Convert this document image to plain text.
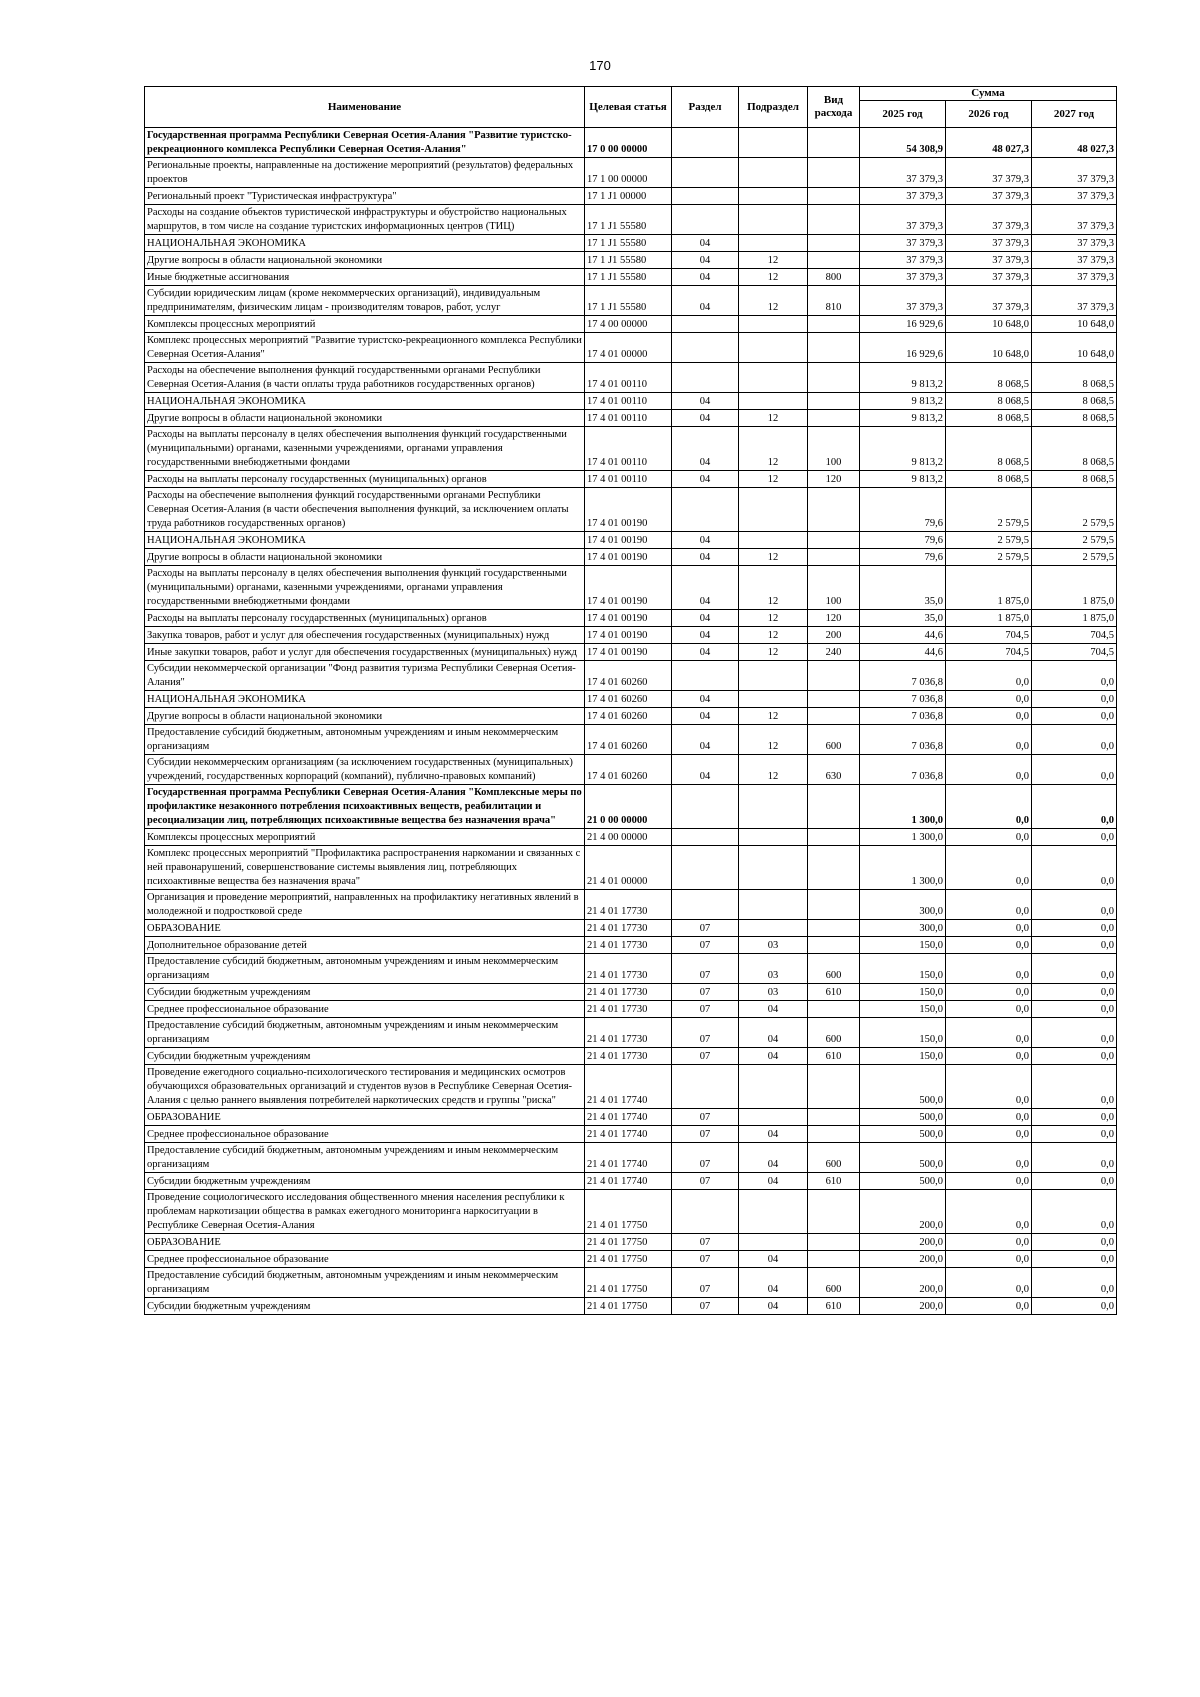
170
Наименование	Целевая статья	Раздел	Подраздел	Вид расхода	Сумма		
					2025 год	2026 год	2027 год
Государственная программа Республики Северная Осетия-Алания "Развитие туристско-рекреационного комплекса Республики Северная Осетия-Алания"	17 0 00 00000				54 308,9	48 027,3	48 027,3
Региональные проекты, направленные на достижение мероприятий (результатов) федеральных проектов	17 1 00 00000				37 379,3	37 379,3	37 379,3
Региональный проект "Туристическая инфраструктура"	17 1 J1 00000				37 379,3	37 379,3	37 379,3
Расходы на создание объектов туристической инфраструктуры и обустройство национальных маршрутов, в том числе на создание туристских информационных центров (ТИЦ)	17 1 J1 55580				37 379,3	37 379,3	37 379,3
НАЦИОНАЛЬНАЯ ЭКОНОМИКА	17 1 J1 55580	04			37 379,3	37 379,3	37 379,3
Другие вопросы в области национальной экономики	17 1 J1 55580	04	12		37 379,3	37 379,3	37 379,3
Иные бюджетные ассигнования	17 1 J1 55580	04	12	800	37 379,3	37 379,3	37 379,3
Субсидии юридическим лицам (кроме некоммерческих организаций), индивидуальным предпринимателям, физическим лицам - производителям товаров, работ, услуг	17 1 J1 55580	04	12	810	37 379,3	37 379,3	37 379,3
Комплексы процессных мероприятий	17 4 00 00000				16 929,6	10 648,0	10 648,0
Комплекс процессных мероприятий "Развитие туристско-рекреационного комплекса Республики Северная Осетия-Алания"	17 4 01 00000				16 929,6	10 648,0	10 648,0
Расходы на обеспечение выполнения функций государственными органами Республики Северная Осетия-Алания (в части оплаты труда работников государственных органов)	17 4 01 00110				9 813,2	8 068,5	8 068,5
НАЦИОНАЛЬНАЯ ЭКОНОМИКА	17 4 01 00110	04			9 813,2	8 068,5	8 068,5
Другие вопросы в области национальной экономики	17 4 01 00110	04	12		9 813,2	8 068,5	8 068,5
Расходы на выплаты персоналу в целях обеспечения выполнения функций государственными (муниципальными) органами, казенными учреждениями, органами управления государственными внебюджетными фондами	17 4 01 00110	04	12	100	9 813,2	8 068,5	8 068,5
Расходы на выплаты персоналу государственных (муниципальных) органов	17 4 01 00110	04	12	120	9 813,2	8 068,5	8 068,5
Расходы на обеспечение выполнения функций государственными органами Республики Северная Осетия-Алания (в части обеспечения выполнения функций, за исключением оплаты труда работников государственных органов)	17 4 01 00190				79,6	2 579,5	2 579,5
НАЦИОНАЛЬНАЯ ЭКОНОМИКА	17 4 01 00190	04			79,6	2 579,5	2 579,5
Другие вопросы в области национальной экономики	17 4 01 00190	04	12		79,6	2 579,5	2 579,5
Расходы на выплаты персоналу в целях обеспечения выполнения функций государственными (муниципальными) органами, казенными учреждениями, органами управления государственными внебюджетными фондами	17 4 01 00190	04	12	100	35,0	1 875,0	1 875,0
Расходы на выплаты персоналу государственных (муниципальных) органов	17 4 01 00190	04	12	120	35,0	1 875,0	1 875,0
Закупка товаров, работ и услуг для обеспечения государственных (муниципальных) нужд	17 4 01 00190	04	12	200	44,6	704,5	704,5
Иные закупки товаров, работ и услуг для обеспечения государственных (муниципальных) нужд	17 4 01 00190	04	12	240	44,6	704,5	704,5
Субсидии некоммерческой организации "Фонд развития туризма Республики Северная Осетия-Алания"	17 4 01 60260				7 036,8	0,0	0,0
НАЦИОНАЛЬНАЯ ЭКОНОМИКА	17 4 01 60260	04			7 036,8	0,0	0,0
Другие вопросы в области национальной экономики	17 4 01 60260	04	12		7 036,8	0,0	0,0
Предоставление субсидий бюджетным, автономным учреждениям и иным некоммерческим организациям	17 4 01 60260	04	12	600	7 036,8	0,0	0,0
Субсидии некоммерческим организациям (за исключением государственных (муниципальных) учреждений, государственных корпораций (компаний), публично-правовых компаний)	17 4 01 60260	04	12	630	7 036,8	0,0	0,0
Государственная программа Республики Северная Осетия-Алания "Комплексные меры по профилактике незаконного потребления психоактивных веществ, реабилитации и ресоциализации лиц, потребляющих психоактивные вещества без назначения врача"	21 0 00 00000				1 300,0	0,0	0,0
Комплексы процессных мероприятий	21 4 00 00000				1 300,0	0,0	0,0
Комплекс процессных мероприятий "Профилактика распространения наркомании и связанных с ней правонарушений, совершенствование системы выявления лиц, потребляющих психоактивные вещества без назначения врача"	21 4 01 00000				1 300,0	0,0	0,0
Организация и проведение мероприятий, направленных на профилактику негативных явлений в молодежной и подростковой среде	21 4 01 17730				300,0	0,0	0,0
ОБРАЗОВАНИЕ	21 4 01 17730	07			300,0	0,0	0,0
Дополнительное образование детей	21 4 01 17730	07	03		150,0	0,0	0,0
Предоставление субсидий бюджетным, автономным учреждениям и иным некоммерческим организациям	21 4 01 17730	07	03	600	150,0	0,0	0,0
Субсидии бюджетным учреждениям	21 4 01 17730	07	03	610	150,0	0,0	0,0
Среднее профессиональное образование	21 4 01 17730	07	04		150,0	0,0	0,0
Предоставление субсидий бюджетным, автономным учреждениям и иным некоммерческим организациям	21 4 01 17730	07	04	600	150,0	0,0	0,0
Субсидии бюджетным учреждениям	21 4 01 17730	07	04	610	150,0	0,0	0,0
Проведение ежегодного социально-психологического тестирования и медицинских осмотров обучающихся образовательных организаций и студентов вузов в Республике Северная Осетия-Алания с целью раннего выявления потребителей наркотических средств и группы "риска"	21 4 01 17740				500,0	0,0	0,0
ОБРАЗОВАНИЕ	21 4 01 17740	07			500,0	0,0	0,0
Среднее профессиональное образование	21 4 01 17740	07	04		500,0	0,0	0,0
Предоставление субсидий бюджетным, автономным учреждениям и иным некоммерческим организациям	21 4 01 17740	07	04	600	500,0	0,0	0,0
Субсидии бюджетным учреждениям	21 4 01 17740	07	04	610	500,0	0,0	0,0
Проведение социологического исследования общественного мнения населения республики к проблемам наркотизации общества в рамках ежегодного мониторинга наркоситуации в Республике Северная Осетия-Алания	21 4 01 17750				200,0	0,0	0,0
ОБРАЗОВАНИЕ	21 4 01 17750	07			200,0	0,0	0,0
Среднее профессиональное образование	21 4 01 17750	07	04		200,0	0,0	0,0
Предоставление субсидий бюджетным, автономным учреждениям и иным некоммерческим организациям	21 4 01 17750	07	04	600	200,0	0,0	0,0
Субсидии бюджетным учреждениям	21 4 01 17750	07	04	610	200,0	0,0	0,0
